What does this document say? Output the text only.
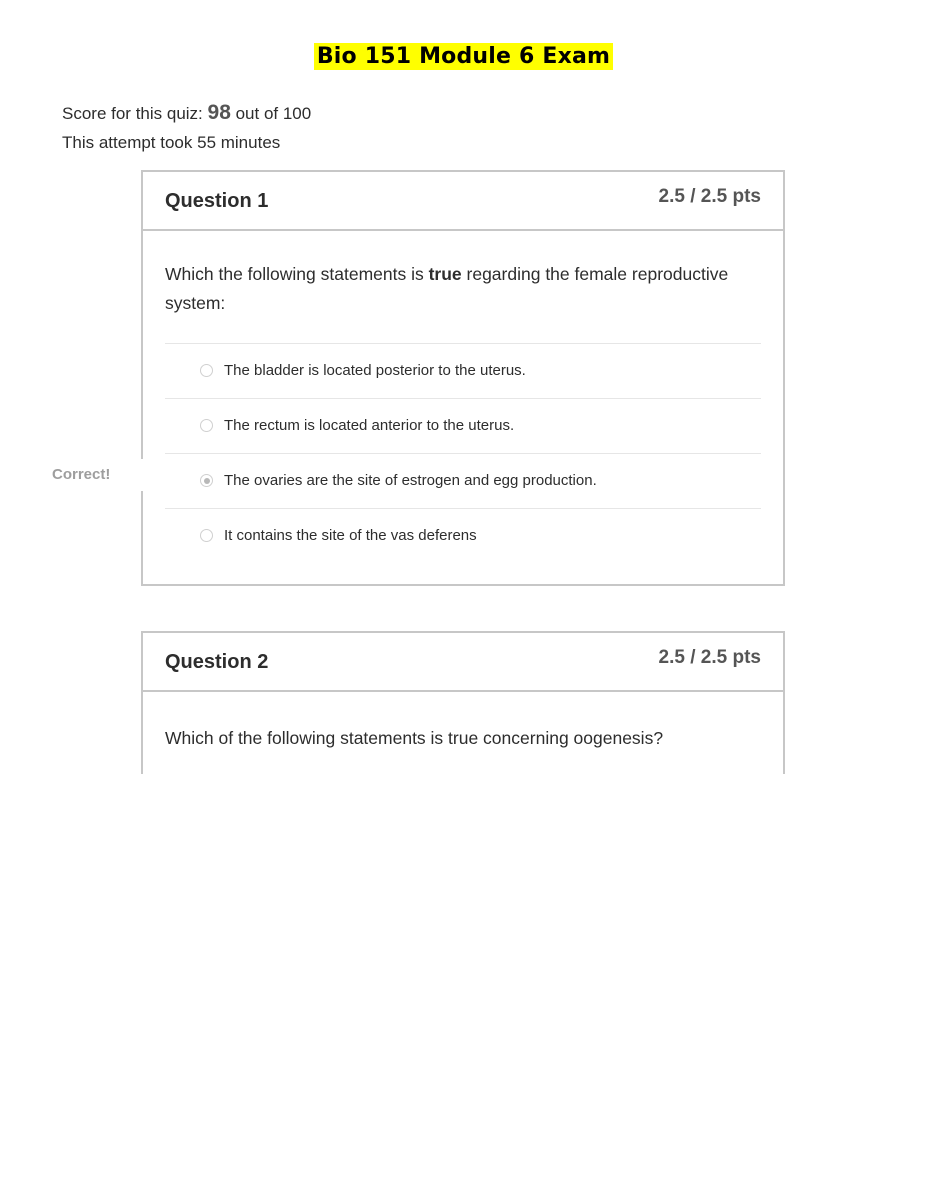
Bio 151 Module 6 Exam
Score for this quiz: 98 out of 100
This attempt took 55 minutes
Correct!
Question 1	2.5 / 2.5 pts
Which the following statements is true regarding the female reproductive system:
The bladder is located posterior to the uterus.
The rectum is located anterior to the uterus.
The ovaries are the site of estrogen and egg production.
It contains the site of the vas deferens
Question 2	2.5 / 2.5 pts
Which of the following statements is true concerning oogenesis?
